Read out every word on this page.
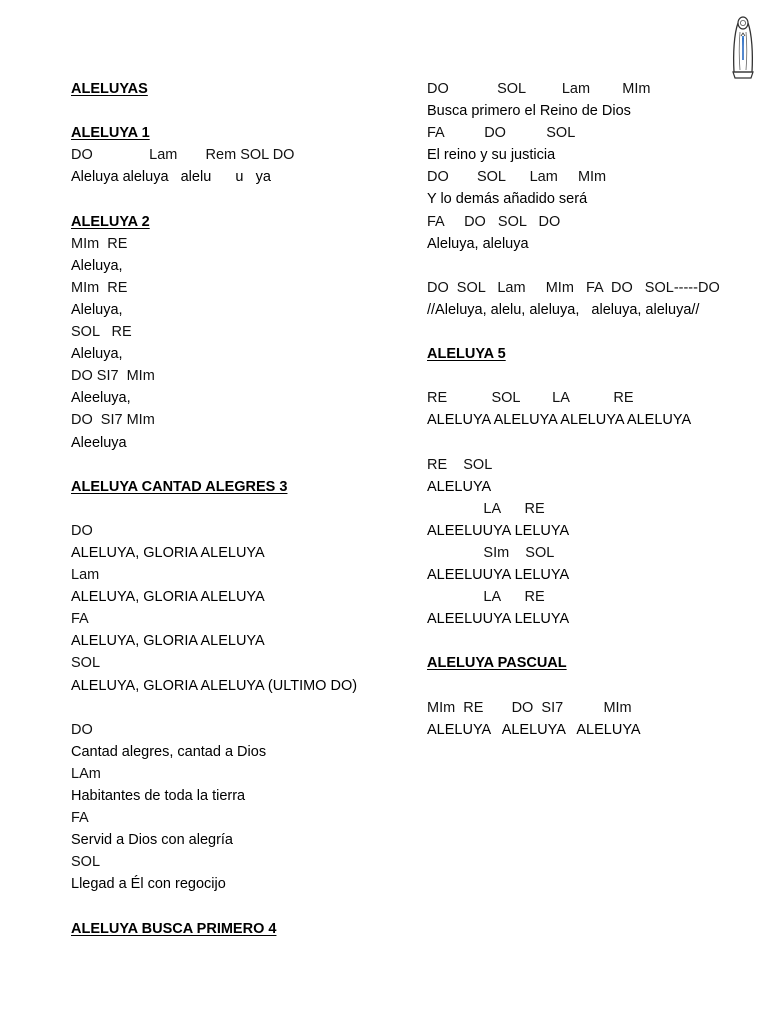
ALELUYAS
ALELUYA 1
DO              Lam       Rem SOL DO
Aleluya aleluya   alelu      u   ya
ALELUYA 2
MIm  RE
Aleluya,
MIm  RE
Aleluya,
SOL   RE
Aleluya,
DO SI7  MIm
Aleeluya,
DO  SI7 MIm
Aleeluya
ALELUYA CANTAD ALEGRES 3
DO
ALELUYA, GLORIA ALELUYA
Lam
ALELUYA, GLORIA ALELUYA
FA
ALELUYA, GLORIA ALELUYA
SOL
ALELUYA, GLORIA ALELUYA (ULTIMO DO)
DO
Cantad alegres, cantad a Dios
LAm
Habitantes de toda la tierra
FA
Servid a Dios con alegría
SOL
Llegad a Él con regocijo
ALELUYA BUSCA PRIMERO 4
DO            SOL         Lam        MIm
Busca primero el Reino de Dios
FA          DO          SOL
El reino y su justicia
DO       SOL      Lam     MIm
Y lo demás añadido será
FA     DO   SOL   DO
Aleluya, aleluya
DO  SOL   Lam     MIm   FA  DO   SOL-----DO
//Aleluya, alelu, aleluya,   aleluya, aleluya//
ALELUYA 5
RE           SOL        LA           RE
ALELUYA ALELUYA ALELUYA ALELUYA
RE    SOL
ALELUYA
LA      RE
ALEELUUYA LELUYA
SIm    SOL
ALEELUUYA LELUYA
LA      RE
ALEELUUYA LELUYA
ALELUYA PASCUAL
MIm  RE       DO  SI7          MIm
ALELUYA   ALELUYA   ALELUYA
